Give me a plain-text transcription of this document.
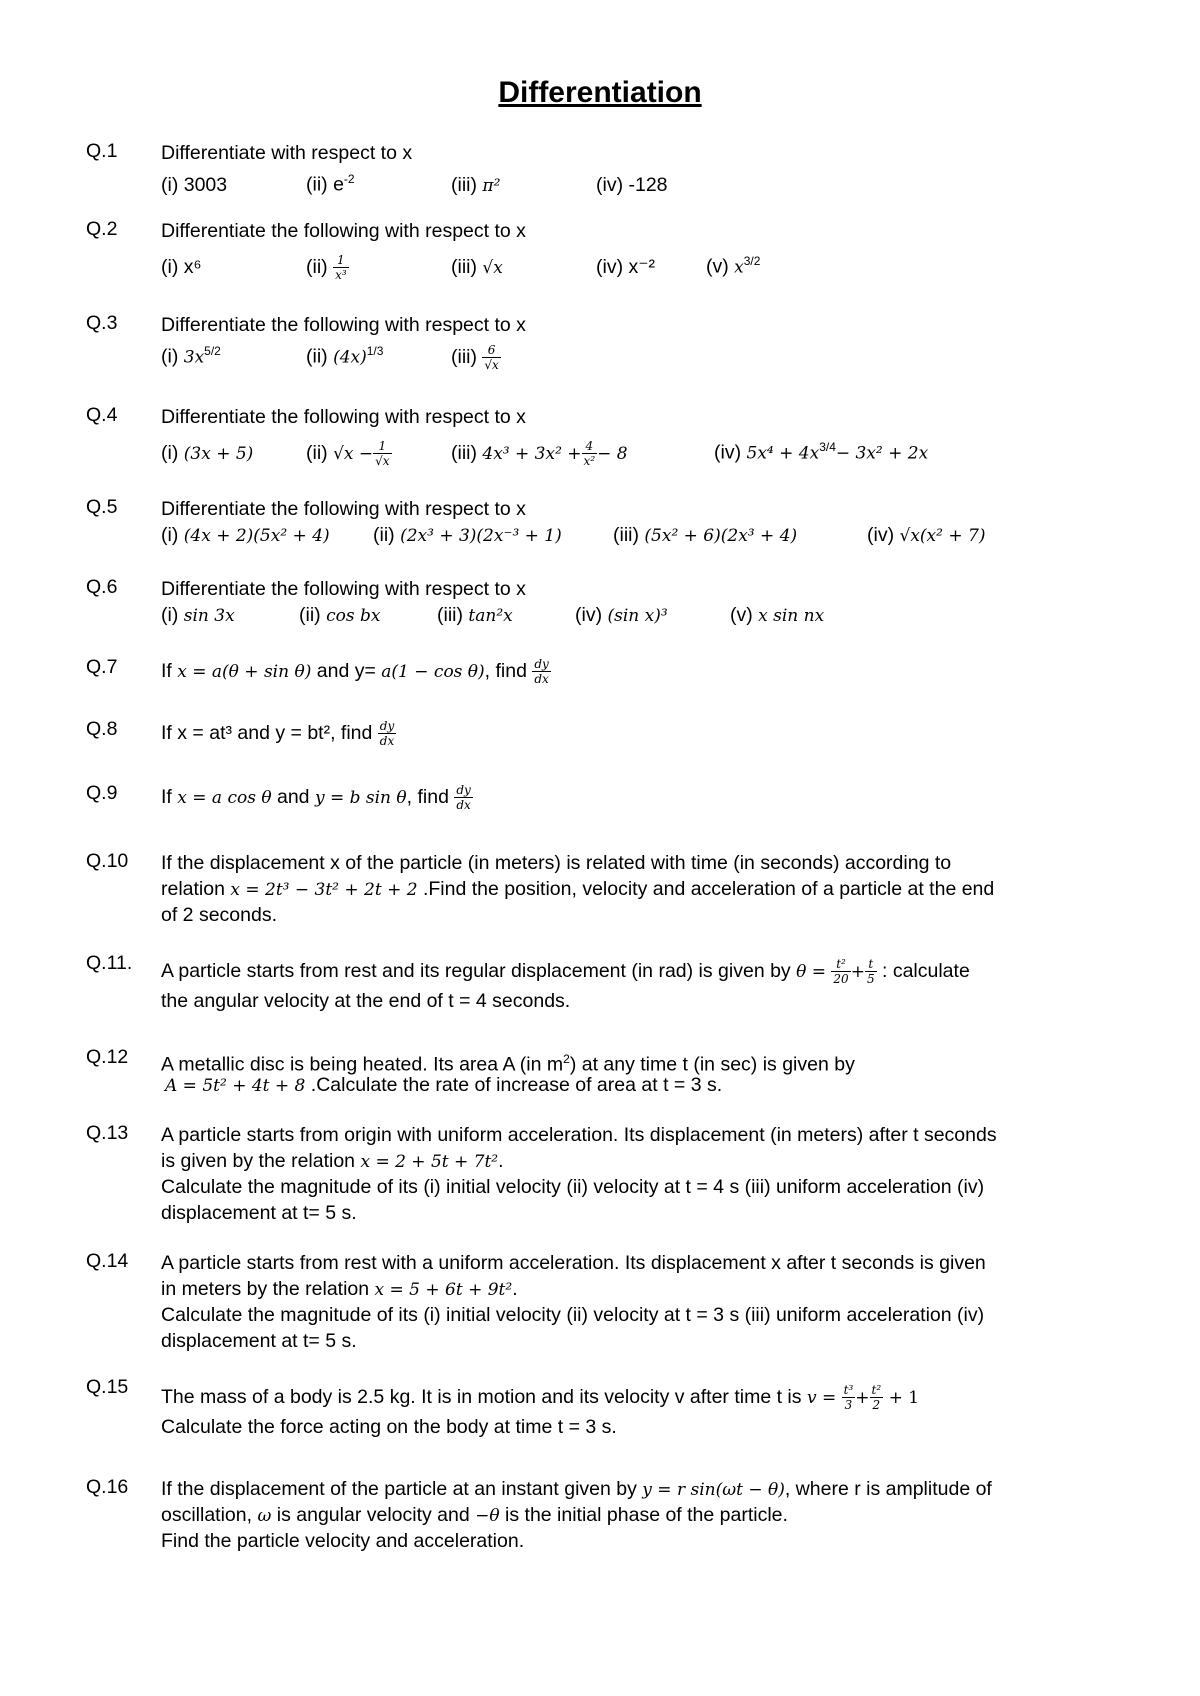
Differentiation
Q.1	Differentiate with respect to x
(i) 3003	(ii) $e^{-2}$	(iii) π²	(iv) -128
Q.2	Differentiate the following with respect to x
(i) x⁶	$(ii) \frac{1}{\text{x³}}$	(iii) √x	(iv) x⁻²	(v) $x^{3/2}$
Q.3	Differentiate the following with respect to x
(i) $3x^{5/2}$	(ii) $(4x)^{1/3}$	$(iii) \frac{6}{√x}$
Q.4	Differentiate the following with respect to x
(i) (3x + 5)	(ii) $√x - \frac{1}{√x}$	(iii) $4x^3 + 3x^2 + \frac{4}{\text{x²}} - 8$	(iv) $5x^4 + 4x^{3/4}- 3x^2 + 2x$
Q.5	Differentiate the following with respect to x
(i) (4x + 2)(5x² + 4) (ii) (2x³ + 3)(2x⁻³ + 1)	(iii) (5x² + 6)(2x³ + 4)	(iv) √x(x² + 7)
Q.6	Differentiate the following with respect to x
(i) sin 3x	(ii) cos bx	(iii) tan²x	(iv) (sin x)³	(v) x sin nx
Q.7	If x = a(θ + sin θ) and y= a(1 − cos θ), find $\frac{dy}{dx}$
Q.8	If x = at³ and y = bt², find $\frac{dy}{dx}$
Q.9	If x = a cos θ and y = b sin θ, find $\frac{dy}{dx}$
Q.10	If the displacement x of the particle (in meters) is related with time (in seconds) according to
relation x = 2t³ − 3t² + 2t + 2 .Find the position, velocity and acceleration of a particle at the end
of 2 seconds.
Q.11.	A particle starts from rest and its regular displacement (in rad) is given by $\theta = \frac{\text{t²}}{20} + \frac{t}{5}$ : calculate
the angular velocity at the end of t = 4 seconds.
Q.12	A metallic disc is being heated. Its area A (in $m^2$) at any time t (in sec) is given by
A = 5t² + 4t + 8 .Calculate the rate of increase of area at t = 3 s.
Q.13	A particle starts from origin with uniform acceleration. Its displacement (in meters) after t seconds
is given by the relation x = 2 + 5t + 7t².
Calculate the magnitude of its (i) initial velocity (ii) velocity at t = 4 s (iii) uniform acceleration (iv)
displacement at t= 5 s.
Q.14	A particle starts from rest with a uniform acceleration. Its displacement x after t seconds is given
in meters by the relation x = 5 + 6t + 9t².
Calculate the magnitude of its (i) initial velocity (ii) velocity at t = 3 s (iii) uniform acceleration (iv)
displacement at t= 5 s.
Q.15	The mass of a body is 2.5 kg. It is in motion and its velocity v after time t is $v = \frac{\text{t³}}{3} + \frac{\text{t²}}{2} + 1$
Calculate the force acting on the body at time t = 3 s.
Q.16	If the displacement of the particle at an instant given by y = r sin(ωt − θ), where r is amplitude of
oscillation, ω is angular velocity and −θ is the initial phase of the particle.
Find the particle velocity and acceleration.
